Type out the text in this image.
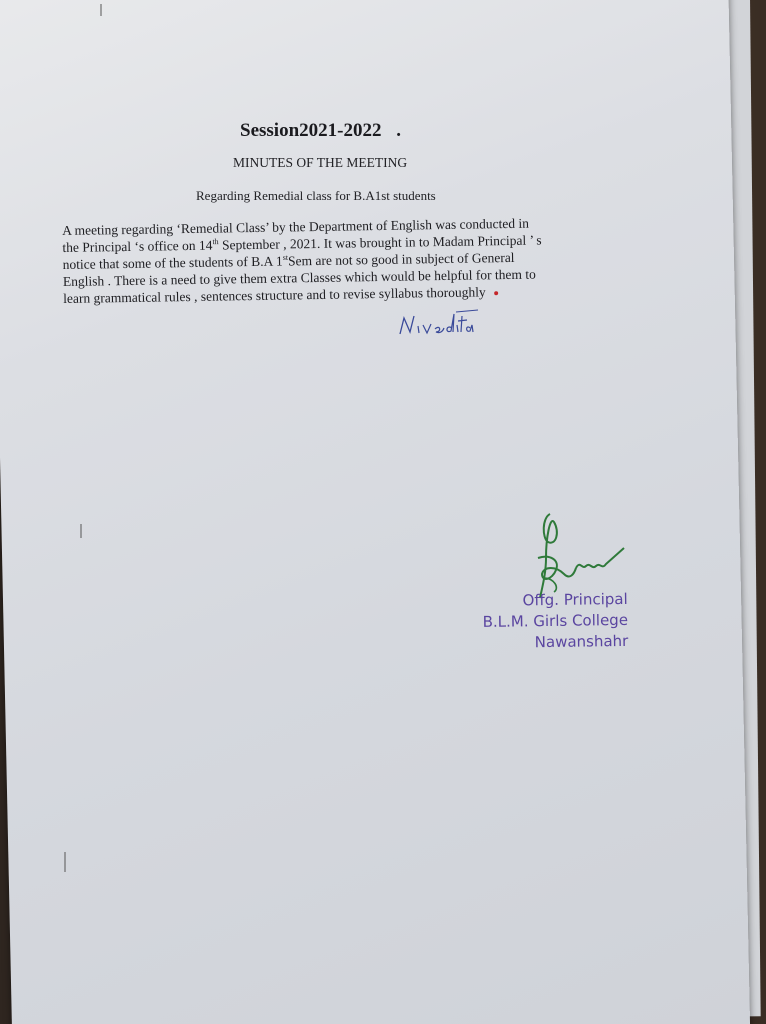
Session2021-2022 .
MINUTES OF THE MEETING
Regarding Remedial class for B.A1st students
A meeting regarding ‘Remedial Class’ by the Department of English was conducted in
the Principal ‘s office on 14th September , 2021. It was brought in to Madam Principal ’ s
notice that some of the students of B.A 1stSem are not so good in subject of General
English . There is a need to give them extra Classes which would be helpful for them to
learn grammatical rules , sentences structure and to revise syllabus thoroughly
Offg. Principal
B.L.M. Girls College
Nawanshahr
